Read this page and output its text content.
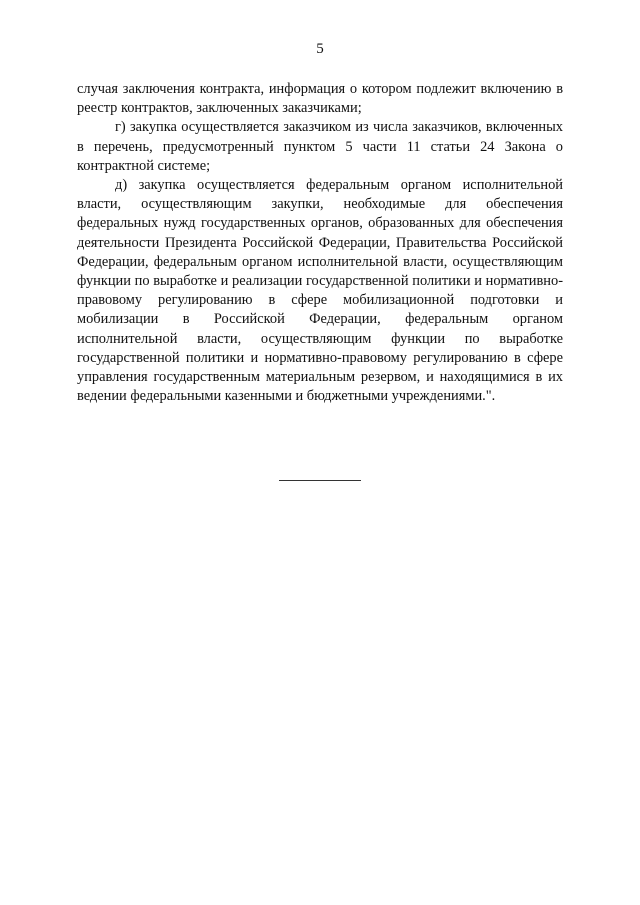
5

случая заключения контракта, информация о котором подлежит включению в реестр контрактов, заключенных заказчиками;

г) закупка осуществляется заказчиком из числа заказчиков, включенных в перечень, предусмотренный пунктом 5 части 11 статьи 24 Закона о контрактной системе;

д) закупка осуществляется федеральным органом исполнительной власти, осуществляющим закупки, необходимые для обеспечения федеральных нужд государственных органов, образованных для обеспечения деятельности Президента Российской Федерации, Правительства Российской Федерации, федеральным органом исполнительной власти, осуществляющим функции по выработке и реализации государственной политики и нормативно-правовому регулированию в сфере мобилизационной подготовки и мобилизации в Российской Федерации, федеральным органом исполнительной власти, осуществляющим функции по выработке государственной политики и нормативно-правовому регулированию в сфере управления государственным материальным резервом, и находящимися в их ведении федеральными казенными и бюджетными учреждениями.".
